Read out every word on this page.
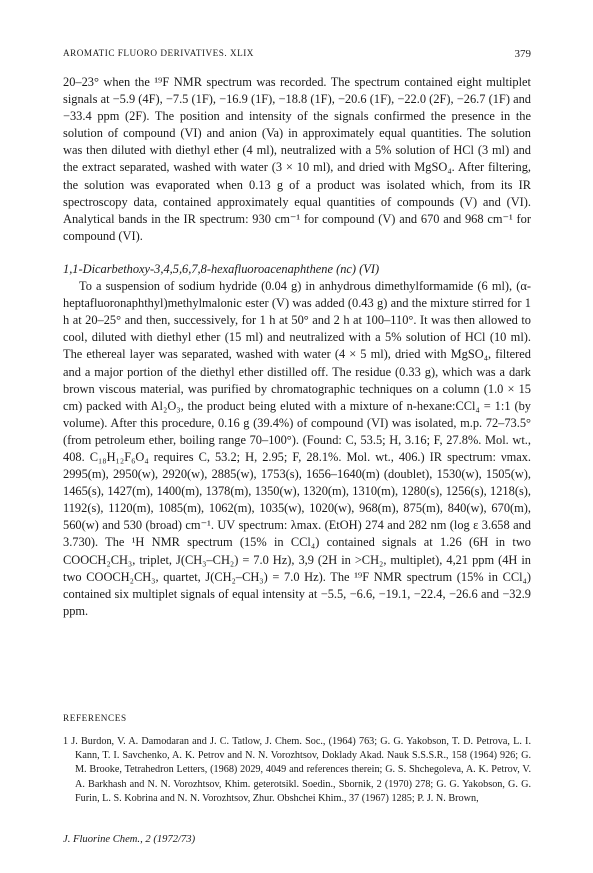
AROMATIC FLUORO DERIVATIVES. XLIX	379

20–23° when the ¹⁹F NMR spectrum was recorded. The spectrum contained eight multiplet signals at −5.9 (4F), −7.5 (1F), −16.9 (1F), −18.8 (1F), −20.6 (1F), −22.0 (2F), −26.7 (1F) and −33.4 ppm (2F). The position and intensity of the signals confirmed the presence in the solution of compound (VI) and anion (Va) in approximately equal quantities. The solution was then diluted with diethyl ether (4 ml), neutralized with a 5% solution of HCl (3 ml) and the extract separated, washed with water (3 × 10 ml), and dried with MgSO₄. After filtering, the solution was evaporated when 0.13 g of a product was isolated which, from its IR spectroscopy data, contained approximately equal quantities of compounds (V) and (VI). Analytical bands in the IR spectrum: 930 cm⁻¹ for compound (V) and 670 and 968 cm⁻¹ for compound (VI).

1,1-Dicarbethoxy-3,4,5,6,7,8-hexafluoroacenaphthene (nc) (VI)

To a suspension of sodium hydride (0.04 g) in anhydrous dimethylformamide (6 ml), (α-heptafluoronaphthyl)methylmalonic ester (V) was added (0.43 g) and the mixture stirred for 1 h at 20–25° and then, successively, for 1 h at 50° and 2 h at 100–110°. It was then allowed to cool, diluted with diethyl ether (15 ml) and neutralized with a 5% solution of HCl (10 ml). The ethereal layer was separated, washed with water (4 × 5 ml), dried with MgSO₄, filtered and a major portion of the diethyl ether distilled off. The residue (0.33 g), which was a dark brown viscous material, was purified by chromatographic techniques on a column (1.0 × 15 cm) packed with Al₂O₃, the product being eluted with a mixture of n-hexane:CCl₄ = 1:1 (by volume). After this procedure, 0.16 g (39.4%) of compound (VI) was isolated, m.p. 72–73.5° (from petroleum ether, boiling range 70–100°). (Found: C, 53.5; H, 3.16; F, 27.8%. Mol. wt., 408. C₁₈H₁₂F₆O₄ requires C, 53.2; H, 2.95; F, 28.1%. Mol. wt., 406.) IR spectrum: νmax. 2995(m), 2950(w), 2920(w), 2885(w), 1753(s), 1656–1640(m) (doublet), 1530(w), 1505(w), 1465(s), 1427(m), 1400(m), 1378(m), 1350(w), 1320(m), 1310(m), 1280(s), 1256(s), 1218(s), 1192(s), 1120(m), 1085(m), 1062(m), 1035(w), 1020(w), 968(m), 875(m), 840(w), 670(m), 560(w) and 530 (broad) cm⁻¹. UV spectrum: λmax. (EtOH) 274 and 282 nm (log ε 3.658 and 3.730). The ¹H NMR spectrum (15% in CCl₄) contained signals at 1.26 (6H in two COOCH₂CH₃, triplet, J(CH₃–CH₂) = 7.0 Hz), 3,9 (2H in >CH₂, multiplet), 4,21 ppm (4H in two COOCH₂CH₃, quartet, J(CH₂–CH₃) = 7.0 Hz). The ¹⁹F NMR spectrum (15% in CCl₄) contained six multiplet signals of equal intensity at −5.5, −6.6, −19.1, −22.4, −26.6 and −32.9 ppm.

REFERENCES

1 J. Burdon, V. A. Damodaran and J. C. Tatlow, J. Chem. Soc., (1964) 763; G. G. Yakobson, T. D. Petrova, L. I. Kann, T. I. Savchenko, A. K. Petrov and N. N. Vorozhtsov, Doklady Akad. Nauk S.S.S.R., 158 (1964) 926; G. M. Brooke, Tetrahedron Letters, (1968) 2029, 4049 and references therein; G. S. Shchegoleva, A. K. Petrov, V. A. Barkhash and N. N. Vorozhtsov, Khim. geterotsikl. Soedin., Sbornik, 2 (1970) 278; G. G. Yakobson, G. G. Furin, L. S. Kobrina and N. N. Vorozhtsov, Zhur. Obshchei Khim., 37 (1967) 1285; P. J. N. Brown,

J. Fluorine Chem., 2 (1972/73)
